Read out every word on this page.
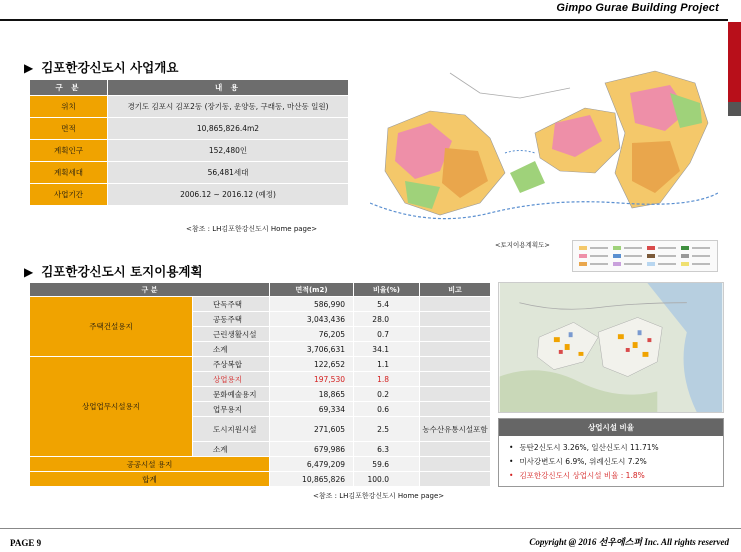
Gimpo Gurae Building Project
▶ 김포한강신도시 사업개요
구 분	내 용
위치	경기도 김포시 김포2동 (장기동, 운양동, 구래동, 마산동 일원)
면적	10,865,826.4m2
계획인구	152,480인
계획세대	56,481세대
사업기간	2006.12 ~ 2016.12 (예정)
<참조 : LH김포한강신도시 Home page>
<토지이용계획도>
▶ 김포한강신도시 토지이용계획
구 분		면적(m2)	비율(%)	비고
주택건설용지	단독주택	586,990	5.4	
	공동주택	3,043,436	28.0	
	근린생활시설	76,205	0.7	
	소계	3,706,631	34.1	
상업업무시설용지	주상복합	122,652	1.1	
	상업용지	197,530	1.8	
	문화예술용지	18,865	0.2	
	업무용지	69,334	0.6	
	도시지원시설	271,605	2.5	농수산유통시설포함
	소계	679,986	6.3	
공공시설 용지		6,479,209	59.6	
합계		10,865,826	100.0	
<참조 : LH김포한강신도시 Home page>
상업시설 비율
• 동탄2신도시 3.26%, 일산신도시 11.71%
• 미사강변도시 6.9%, 위례신도시 7.2%
• 김포한강신도시 상업시설 비율 : 1.8%
PAGE 9	Copyright @ 2016 선우에스퍼 Inc. All rights reserved
